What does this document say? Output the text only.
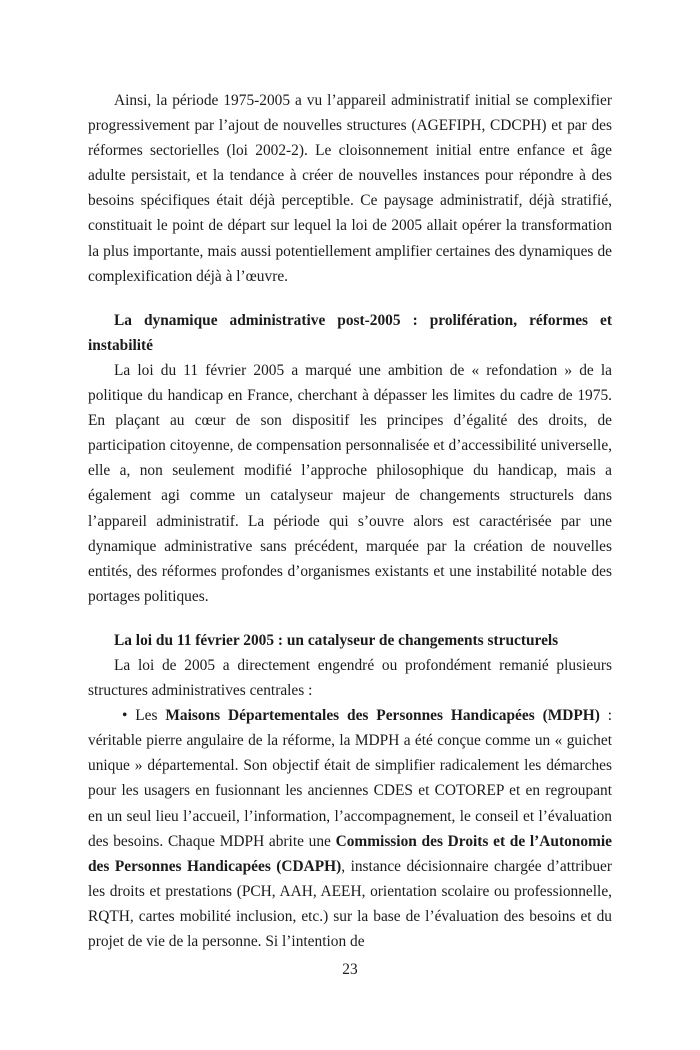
Ainsi, la période 1975-2005 a vu l’appareil administratif initial se complexifier progressivement par l’ajout de nouvelles structures (AGEFIPH, CDCPH) et par des réformes sectorielles (loi 2002-2). Le cloisonnement initial entre enfance et âge adulte persistait, et la tendance à créer de nouvelles instances pour répondre à des besoins spécifiques était déjà perceptible. Ce paysage administratif, déjà stratifié, constituait le point de départ sur lequel la loi de 2005 allait opérer la transformation la plus importante, mais aussi potentiellement amplifier certaines des dynamiques de complexification déjà à l’œuvre.

La dynamique administrative post-2005 : prolifération, réformes et instabilité

La loi du 11 février 2005 a marqué une ambition de « refondation » de la politique du handicap en France, cherchant à dépasser les limites du cadre de 1975. En plaçant au cœur de son dispositif les principes d’égalité des droits, de participation citoyenne, de compensation personnalisée et d’accessibilité universelle, elle a, non seulement modifié l’approche philosophique du handicap, mais a également agi comme un catalyseur majeur de changements structurels dans l’appareil administratif. La période qui s’ouvre alors est caractérisée par une dynamique administrative sans précédent, marquée par la création de nouvelles entités, des réformes profondes d’organismes existants et une instabilité notable des portages politiques.

La loi du 11 février 2005 : un catalyseur de changements structurels

La loi de 2005 a directement engendré ou profondément remanié plusieurs structures administratives centrales :

• Les Maisons Départementales des Personnes Handicapées (MDPH) : véritable pierre angulaire de la réforme, la MDPH a été conçue comme un « guichet unique » départemental. Son objectif était de simplifier radicalement les démarches pour les usagers en fusionnant les anciennes CDES et COTOREP et en regroupant en un seul lieu l’accueil, l’information, l’accompagnement, le conseil et l’évaluation des besoins. Chaque MDPH abrite une Commission des Droits et de l’Autonomie des Personnes Handicapées (CDAPH), instance décisionnaire chargée d’attribuer les droits et prestations (PCH, AAH, AEEH, orientation scolaire ou professionnelle, RQTH, cartes mobilité inclusion, etc.) sur la base de l’évaluation des besoins et du projet de vie de la personne. Si l’intention de

23
